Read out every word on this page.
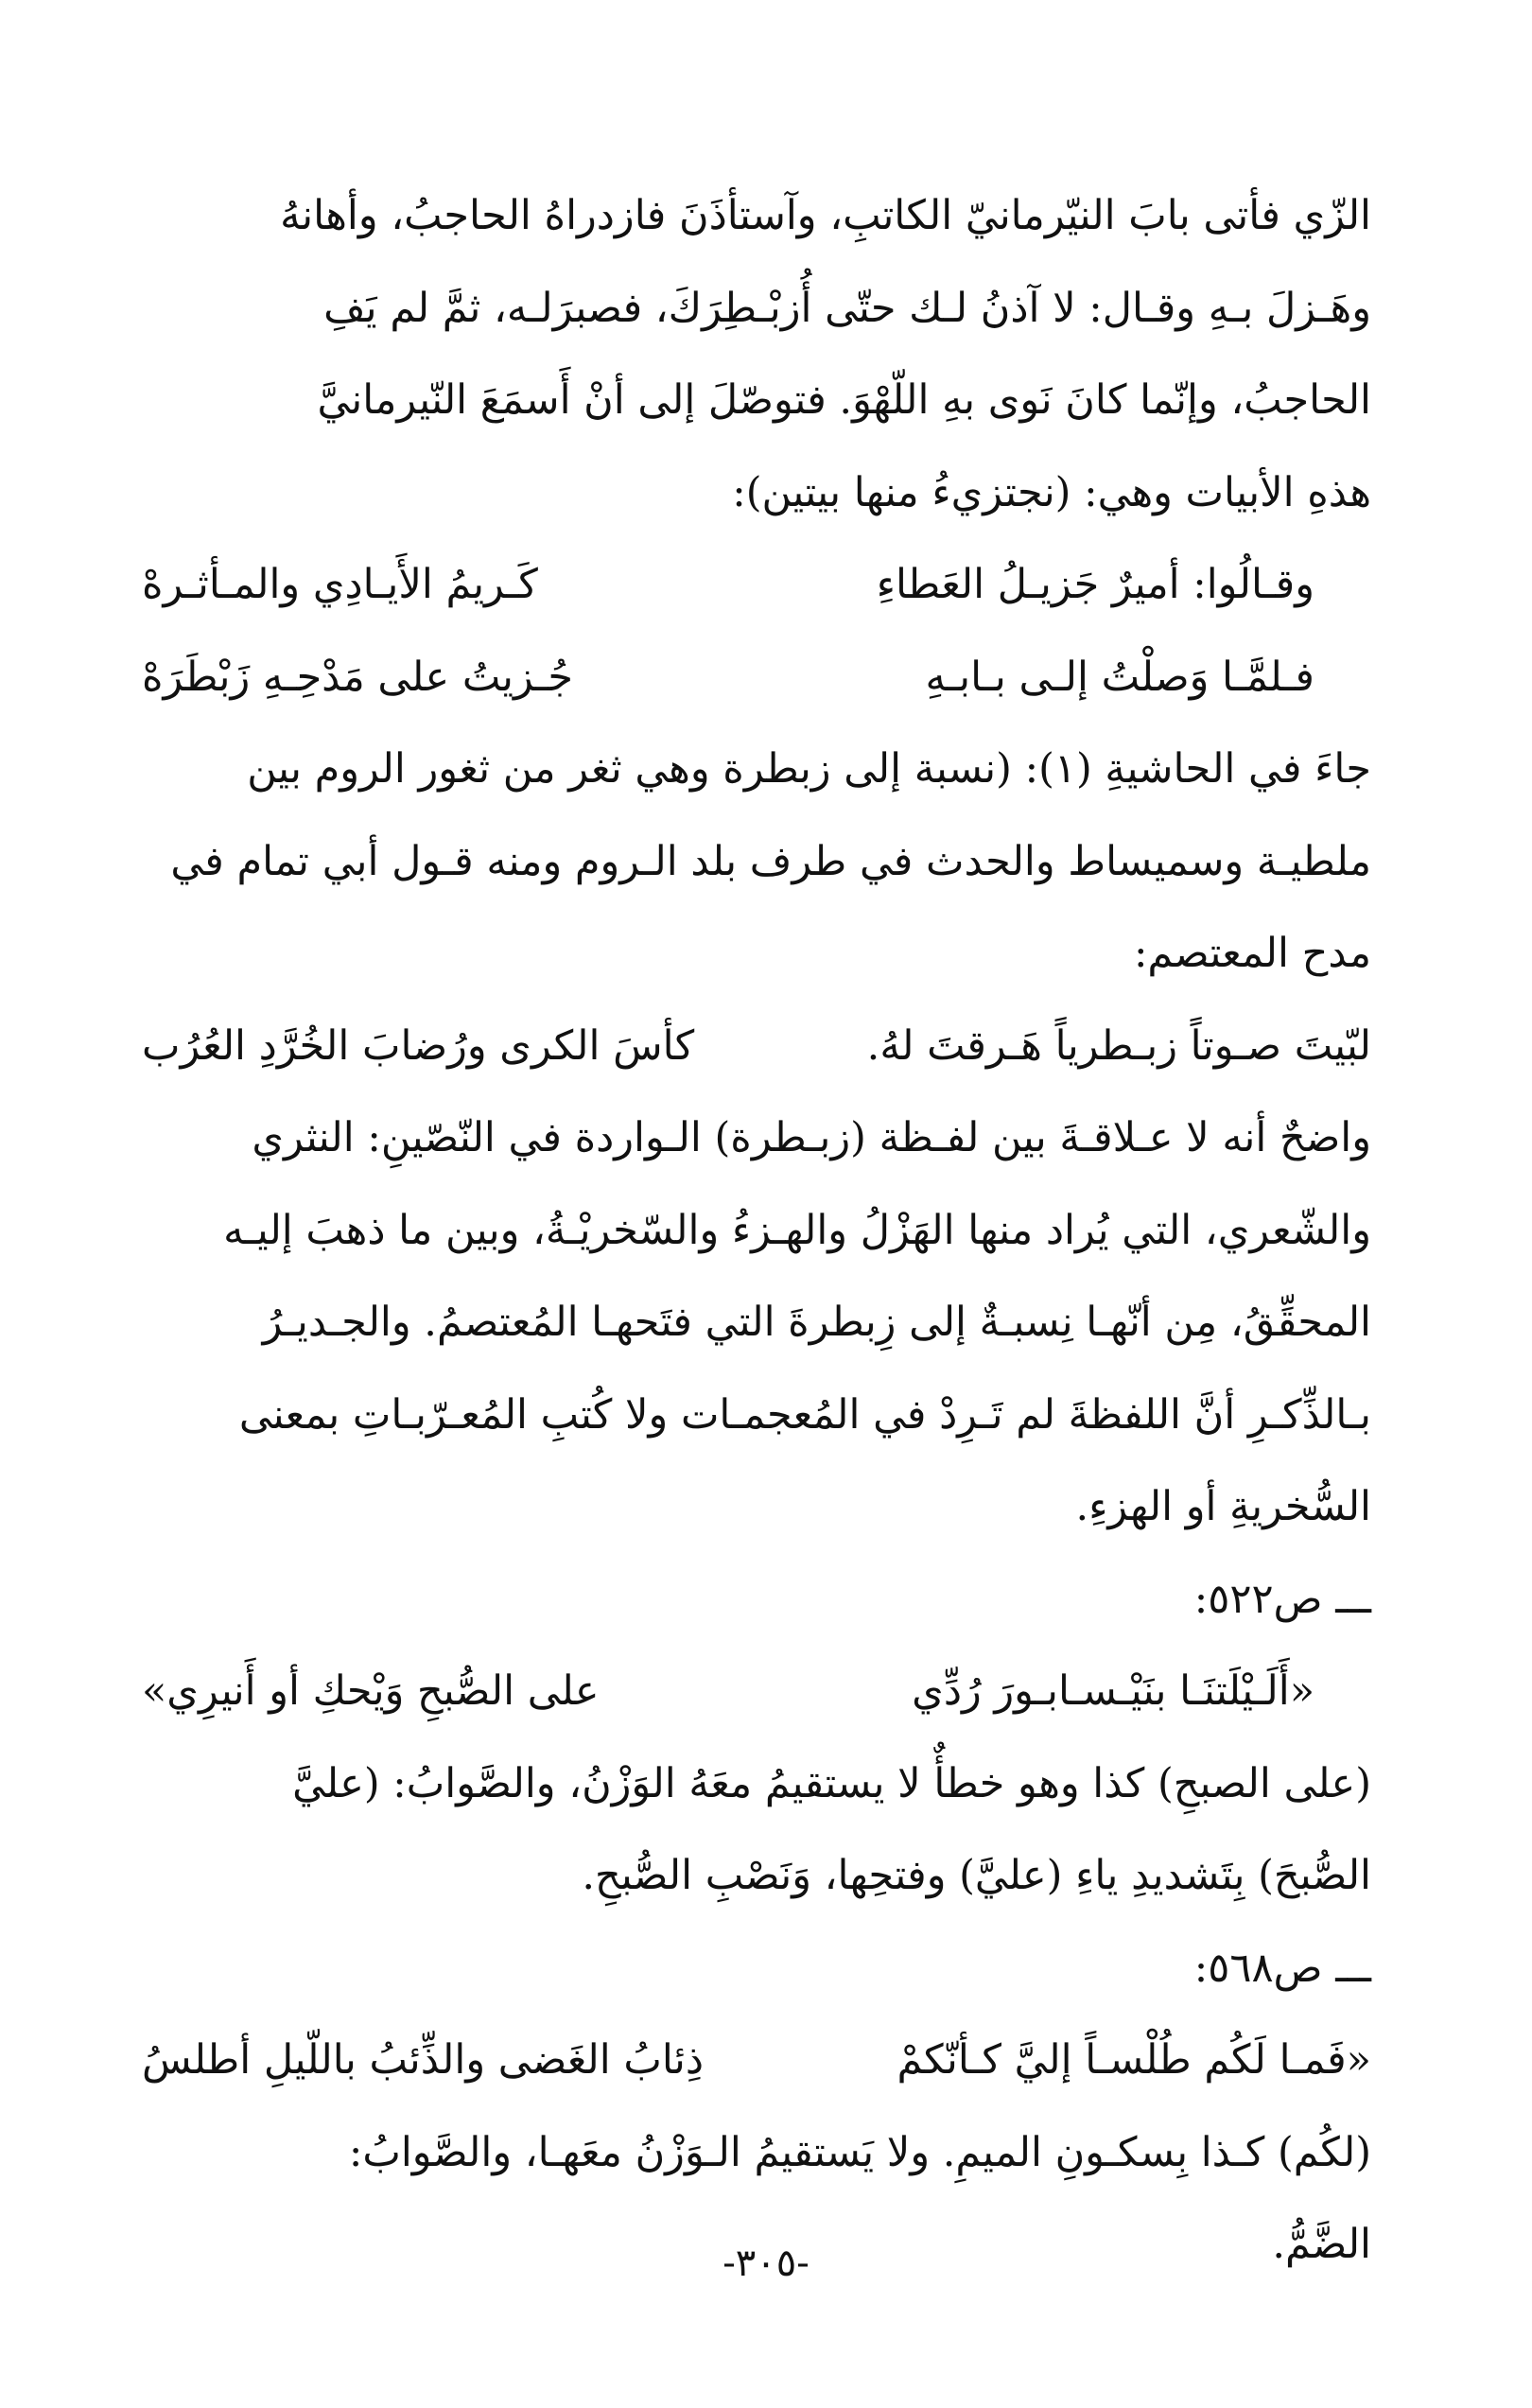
الزّي فأتى بابَ النيّرمانيّ الكاتبِ، وآستأذَنَ فازدراهُ الحاجبُ، وأهانهُ
وهَـزلَ بـهِ وقـال: لا آذنُ لـك حتّى أُزبْـطِرَكَ، فصبرَلـه، ثمَّ لم يَفِ
الحاجبُ، وإنّما كانَ نَوى بهِ اللّهْوَ. فتوصّلَ إلى أنْ أَسمَعَ النّيرمانيَّ
هذهِ الأبيات وهي: (نجتزيءُ منها بيتين):
وقـالُوا: أميرٌ جَزيـلُ العَطاءِ
كَـريمُ الأَيـادِي والمـأثـرهْ
فـلمَّـا وَصلْتُ إلـى بـابـهِ
جُـزيتُ على مَدْحِـهِ زَبْطَرَهْ
جاءَ في الحاشيةِ (١): (نسبة إلى زبطرة وهي ثغر من ثغور الروم بين
ملطيـة وسميساط والحدث في طرف بلد الـروم ومنه قـول أبي تمام في
مدح المعتصم:
لبّيتَ صـوتاً زبـطرياً هَـرقتَ لهُ.
كأسَ الكرى ورُضابَ الخُرَّدِ العُرُب
واضحٌ أنه لا عـلاقـةَ بين لفـظة (زبـطرة) الـواردة في النّصّينِ: النثري
والشّعري، التي يُراد منها الهَزْلُ والهـزءُ والسّخريْـةُ، وبين ما ذهبَ إليـه
المحقِّقُ، مِن أنّهـا نِسبـةٌ إلى زِبطرةَ التي فتَحهـا المُعتصمُ. والجـديـرُ
بـالذِّكـرِ أنَّ اللفظةَ لم تَـرِدْ في المُعجمـات ولا كُتبِ المُعـرّبـاتِ بمعنى
السُّخريةِ أو الهزءِ.
ـــ ص٥٢٢:
«أَلَـيْلَتنَـا بنَيْـسـابـورَ رُدِّي
على الصُّبحِ وَيْحكِ أو أَنيرِي»
(على الصبحِ) كذا وهو خطأٌ لا يستقيمُ معَهُ الوَزْنُ، والصَّوابُ: (عليَّ
الصُّبحَ) بِتَشديدِ ياءِ (عليَّ) وفتحِها، وَنَصْبِ الصُّبحِ.
ـــ ص٥٦٨:
«فَمـا لَكُم طُلْسـاً إليَّ كـأنّكمْ
ذِئابُ الغَضى والذِّئبُ باللّيلِ أطلسُ
(لكُم) كـذا بِسكـونِ الميمِ. ولا يَستقيمُ الـوَزْنُ معَهـا، والصَّوابُ:
الضَّمُّ.
-٣٠٥-
